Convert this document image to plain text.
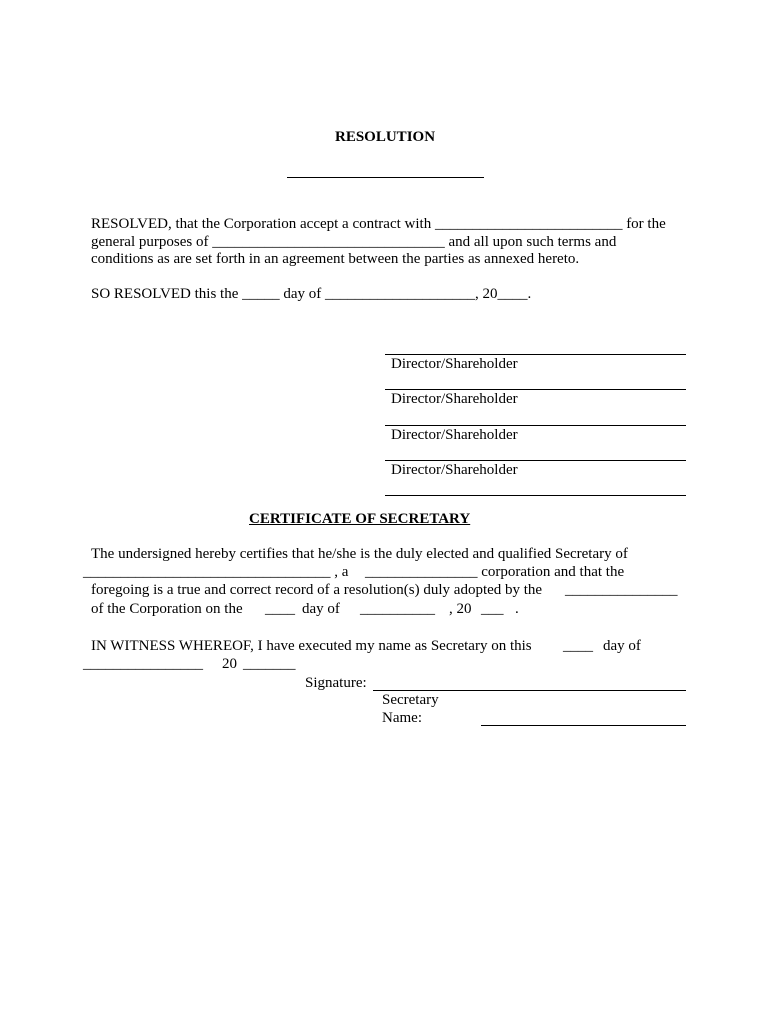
RESOLUTION
RESOLVED, that the Corporation accept a contract with _________________________ for the
general purposes of _______________________________ and all upon such terms and
conditions as are set forth in an agreement between the parties as annexed hereto.
SO RESOLVED this the _____ day of ____________________, 20____.
Director/Shareholder
Director/Shareholder
Director/Shareholder
Director/Shareholder
CERTIFICATE OF SECRETARY
The undersigned hereby certifies that he/she is the duly elected and qualified Secretary of
_________________________________ , a _______________ corporation and that the
foregoing is a true and correct record of a resolution(s) duly adopted by the _______________
of the Corporation on the ____ day of __________ , 20 ___ .
IN WITNESS WHEREOF, I have executed my name as Secretary on this ____ day of
________________ 20 _______
Signature:
Secretary
Name:
